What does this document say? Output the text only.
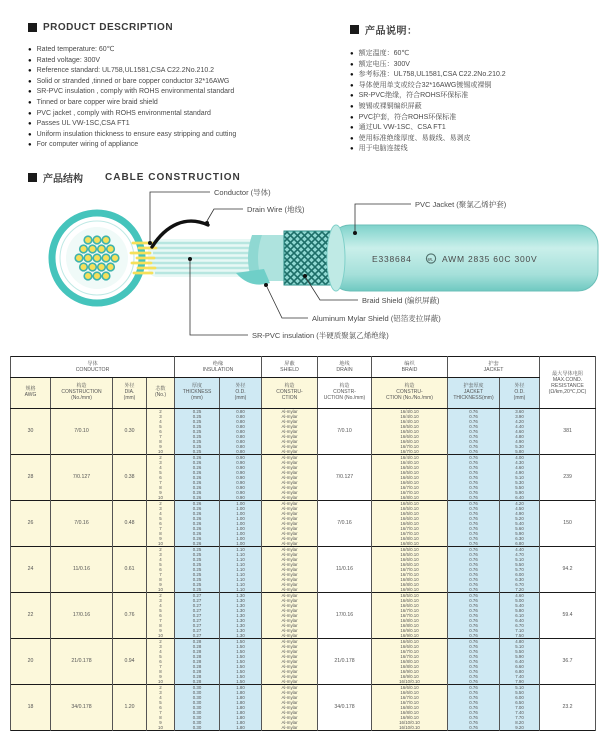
PRODUCT DESCRIPTION
● Rated temperature: 60℃
● Rated voltage: 300V
● Reference standard: UL758,UL1581,CSA C22.2No.210.2
● Solid or stranded ,tinned or bare copper conductor 32*16AWG
● SR-PVC insulation , comply with ROHS environmental standard
● Tinned or bare copper wire braid shield
● PVC jacket , comply with ROHS environmental standard
● Passes UL VW-1SC,CSA FT1
● Uniform insulation thickness to ensure easy stripping and cutting
● For computer wiring of appliance
产品说明：
● 额定温度：60℃
● 额定电压：300V
● 参考标准：UL758,UL1581,CSA C22.2No.210.2
● 导体使用单支或绞合32*16AWG镀锡或裸铜
● SR-PVC绝缘，符合ROHS环保标准
● 镀锡或裸铜编织屏蔽
● PVC护套，符合ROHS环保标准
● 通过UL VW-1SC、CSA FT1
● 使用标准绝缘厚度、易裁线、易剥皮
● 用于电脑连接线
产品结构 CABLE CONSTRUCTION
E338684	UL AWM 2835 60C 300V
Conductor (导体)
Drain Wire (地线)
PVC Jacket (聚氯乙烯护套)
Braid Shield (编织屏蔽)
Aluminum Mylar Shield (铝箔麦拉屏蔽)
SR-PVC insulation (半硬质聚氯乙烯绝缘)
导体
CONDUCTOR				绝缘
INSULATION		屏蔽
SHIELD	地线
DRAIN	编织
BRAID	护套
JACKET		最大导体电阻
MAX.COND.
RESISTANCE
(Ω/km,20℃,DC)
规格
AWG	构造
CONSTRUCTION
(No./mm)	外径
DIA.
(mm)	芯数
(No.)	厚度
THICKNESS
(mm)	外径
O.D.
(mm)	构造
CONSTRU-
CTION	构造
CONSTR-
UCTION (No./mm)	构造
CONSTRU-
CTION (No./No./mm)	护套厚度
JACKET
THICKNESS(mm)	外径
O.D.
(mm)	
30	7/0.10	0.30	2	0.25	0.80	Al-mylar	7/0.10	16/4/0.10	0.76	3.60	381
			3	0.25	0.80	Al-mylar		16/4/0.10	0.76	3.90	
			4	0.25	0.80	Al-mylar		16/4/0.10	0.76	4.20	
			5	0.25	0.80	Al-mylar		16/5/0.10	0.76	4.40	
			6	0.25	0.80	Al-mylar		16/5/0.10	0.76	4.60	
			7	0.25	0.80	Al-mylar		16/6/0.10	0.76	4.80	
			8	0.25	0.80	Al-mylar		16/6/0.10	0.76	4.90	
			9	0.25	0.80	Al-mylar		16/7/0.10	0.76	5.30	
			10	0.25	0.80	Al-mylar		16/7/0.10	0.76	5.80	
28	7/0.127	0.38	2	0.26	0.90	Al-mylar	7/0.127	16/4/0.10	0.76	4.00	239
			3	0.26	0.90	Al-mylar		16/4/0.10	0.76	4.30	
			4	0.26	0.90	Al-mylar		16/5/0.10	0.76	4.60	
			5	0.26	0.90	Al-mylar		16/5/0.10	0.76	4.90	
			6	0.26	0.90	Al-mylar		16/6/0.10	0.76	5.10	
			7	0.26	0.90	Al-mylar		16/6/0.10	0.76	5.30	
			8	0.26	0.90	Al-mylar		16/7/0.10	0.76	5.50	
			9	0.26	0.90	Al-mylar		16/7/0.10	0.76	5.90	
			10	0.26	0.90	Al-mylar		16/8/0.10	0.76	6.40	
26	7/0.16	0.48	2	0.26	1.00	Al-mylar	7/0.16	16/5/0.10	0.76	4.20	150
			3	0.26	1.00	Al-mylar		16/5/0.10	0.76	4.50	
			4	0.26	1.00	Al-mylar		16/5/0.10	0.76	4.90	
			5	0.26	1.00	Al-mylar		16/6/0.10	0.76	5.20	
			6	0.26	1.00	Al-mylar		16/6/0.10	0.76	5.40	
			7	0.26	1.00	Al-mylar		16/7/0.10	0.76	5.60	
			8	0.26	1.00	Al-mylar		16/7/0.10	0.76	5.90	
			9	0.26	1.00	Al-mylar		16/8/0.10	0.76	6.30	
			10	0.26	1.00	Al-mylar		16/8/0.10	0.76	6.80	
24	11/0.16	0.61	2	0.25	1.10	Al-mylar	11/0.16	16/5/0.10	0.76	4.40	94.2
			3	0.25	1.10	Al-mylar		16/5/0.10	0.76	4.70	
			4	0.25	1.10	Al-mylar		16/6/0.10	0.76	5.10	
			5	0.25	1.10	Al-mylar		16/6/0.10	0.76	5.50	
			6	0.25	1.10	Al-mylar		16/7/0.10	0.76	5.70	
			7	0.25	1.10	Al-mylar		16/7/0.10	0.76	6.00	
			8	0.25	1.10	Al-mylar		16/8/0.10	0.76	6.30	
			9	0.25	1.10	Al-mylar		16/8/0.10	0.76	6.70	
			10	0.25	1.10	Al-mylar		16/9/0.10	0.76	7.20	
22	17/0.16	0.76	2	0.27	1.30	Al-mylar	17/0.16	16/5/0.10	0.76	4.60	59.4
			3	0.27	1.30	Al-mylar		16/6/0.10	0.76	5.00	
			4	0.27	1.30	Al-mylar		16/6/0.10	0.76	5.40	
			5	0.27	1.30	Al-mylar		16/7/0.10	0.76	5.80	
			6	0.27	1.30	Al-mylar		16/7/0.10	0.76	6.10	
			7	0.27	1.30	Al-mylar		16/8/0.10	0.76	6.40	
			8	0.27	1.30	Al-mylar		16/8/0.10	0.76	6.70	
			9	0.27	1.30	Al-mylar		16/9/0.10	0.76	7.10	
			10	0.27	1.30	Al-mylar		16/9/0.10	0.76	7.50	
20	21/0.178	0.94	2	0.28	1.50	Al-mylar	21/0.178	16/6/0.10	0.76	4.80	36.7
			3	0.28	1.50	Al-mylar		16/6/0.10	0.76	5.10	
			4	0.28	1.50	Al-mylar		16/7/0.10	0.76	5.50	
			5	0.28	1.50	Al-mylar		16/7/0.10	0.76	5.90	
			6	0.28	1.50	Al-mylar		16/8/0.10	0.76	6.40	
			7	0.28	1.50	Al-mylar		16/8/0.10	0.76	6.60	
			8	0.28	1.50	Al-mylar		16/9/0.10	0.76	6.80	
			9	0.28	1.50	Al-mylar		16/9/0.10	0.76	7.40	
			10	0.28	1.50	Al-mylar		16/10/0.10	0.76	7.90	
18	34/0.178	1.20	2	0.30	1.80	Al-mylar	34/0.178	16/6/0.10	0.76	5.10	23.2
			3	0.30	1.80	Al-mylar		16/6/0.10	0.76	5.50	
			4	0.30	1.80	Al-mylar		16/7/0.10	0.76	6.00	
			5	0.30	1.80	Al-mylar		16/7/0.10	0.76	6.50	
			6	0.30	1.80	Al-mylar		16/8/0.10	0.76	7.00	
			7	0.30	1.80	Al-mylar		16/8/0.10	0.76	7.40	
			8	0.30	1.80	Al-mylar		16/9/0.10	0.76	7.70	
			9	0.30	1.80	Al-mylar		16/10/0.10	0.76	8.20	
			10	0.30	1.80	Al-mylar		16/10/0.10	0.76	9.20	
